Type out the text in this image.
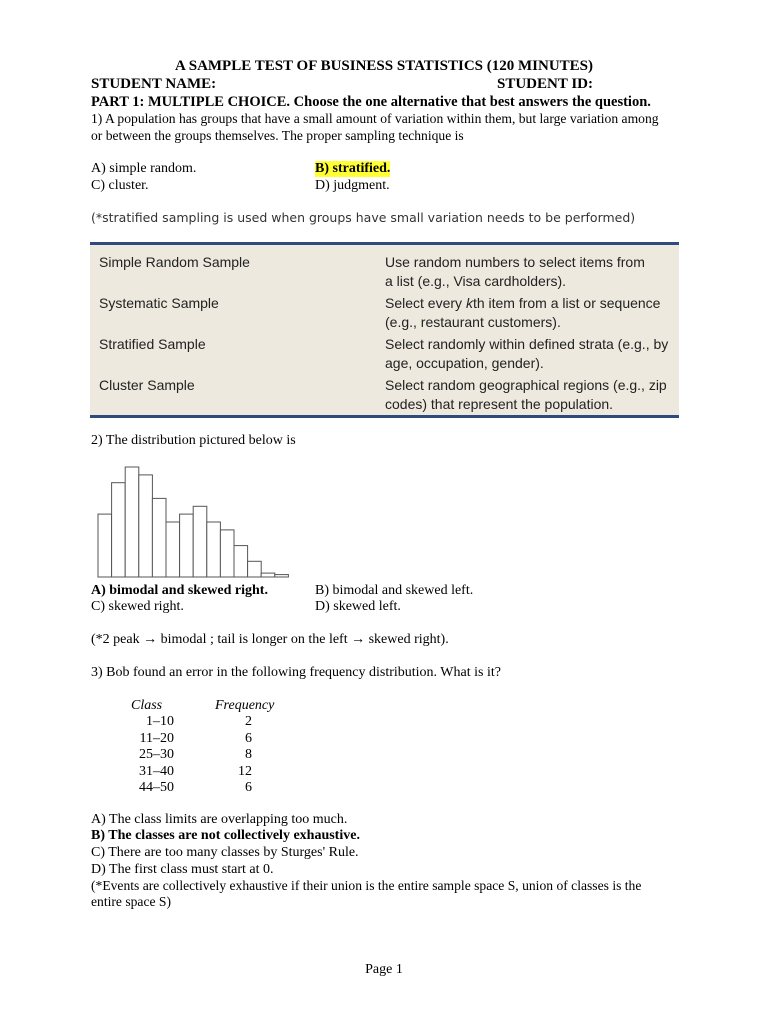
A SAMPLE TEST OF BUSINESS STATISTICS (120 MINUTES)
STUDENT NAME:	STUDENT ID:
PART 1: MULTIPLE CHOICE. Choose the one alternative that best answers the question.
1) A population has groups that have a small amount of variation within them, but large variation among
or between the groups themselves. The proper sampling technique is
A) simple random.	B) stratified.
C) cluster.	D) judgment.
(*stratified sampling is used when groups have small variation needs to be performed)
Simple Random Sample	Use random numbers to select items from
a list (e.g., Visa cardholders).
Systematic Sample	Select every kth item from a list or sequence
(e.g., restaurant customers).
Stratified Sample	Select randomly within defined strata (e.g., by
age, occupation, gender).
Cluster Sample	Select random geographical regions (e.g., zip
codes) that represent the population.
2) The distribution pictured below is
A) bimodal and skewed right.	B) bimodal and skewed left.
C) skewed right.	D) skewed left.
(*2 peak → bimodal ; tail is longer on the left → skewed right).
3) Bob found an error in the following frequency distribution. What is it?
Class	Frequency
1–10	2
11–20	6
25–30	8
31–40	12
44–50	6
A) The class limits are overlapping too much.
B) The classes are not collectively exhaustive.
C) There are too many classes by Sturges' Rule.
D) The first class must start at 0.
(*Events are collectively exhaustive if their union is the entire sample space S, union of classes is the
entire space S)
Page 1
